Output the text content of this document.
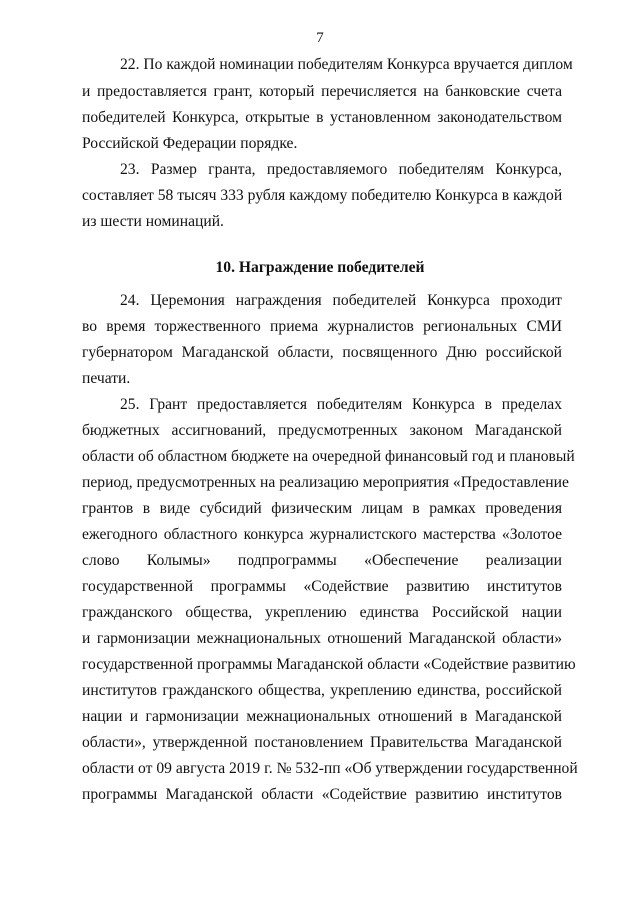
7
22. По каждой номинации победителям Конкурса вручается диплом
и предоставляется грант, который перечисляется на банковские счета
победителей Конкурса, открытые в установленном законодательством
Российской Федерации порядке.
23. Размер гранта, предоставляемого победителям Конкурса,
составляет 58 тысяч 333 рубля каждому победителю Конкурса в каждой
из шести номинаций.
10. Награждение победителей
24. Церемония награждения победителей Конкурса проходит
во время торжественного приема журналистов региональных СМИ
губернатором Магаданской области, посвященного Дню российской
печати.
25. Грант предоставляется победителям Конкурса в пределах
бюджетных ассигнований, предусмотренных законом Магаданской
области об областном бюджете на очередной финансовый год и плановый
период, предусмотренных на реализацию мероприятия «Предоставление
грантов в виде субсидий физическим лицам в рамках проведения
ежегодного областного конкурса журналистского мастерства «Золотое
слово Колымы» подпрограммы «Обеспечение реализации
государственной программы «Содействие развитию институтов
гражданского общества, укреплению единства Российской нации
и гармонизации межнациональных отношений Магаданской области»
государственной программы Магаданской области «Содействие развитию
институтов гражданского общества, укреплению единства, российской
нации и гармонизации межнациональных отношений в Магаданской
области», утвержденной постановлением Правительства Магаданской
области от 09 августа 2019 г. № 532-пп «Об утверждении государственной
программы Магаданской области «Содействие развитию институтов
